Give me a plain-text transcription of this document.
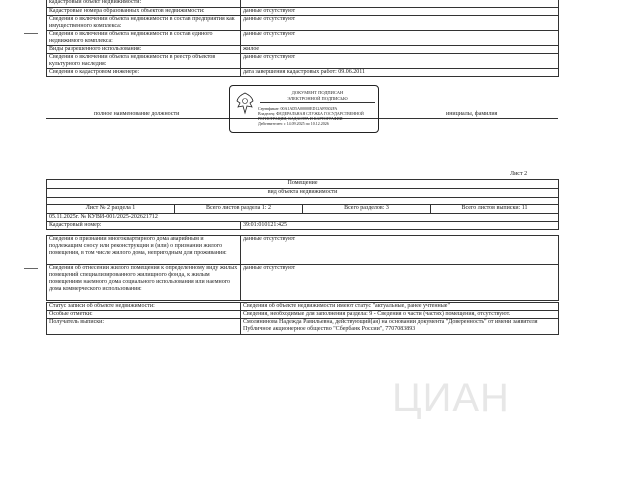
кадастровый объект недвижимости:	
Кадастровые номера образованных объектов недвижимости:	данные отсутствуют
Сведения о включении объекта недвижимости в состав предприятия как имущественного комплекса:	данные отсутствуют
Сведения о включении объекта недвижимости в состав единого недвижимого комплекса:	данные отсутствуют
Виды разрешенного использования:	жилое
Сведения о включении объекта недвижимости в реестр объектов культурного наследия:	данные отсутствуют
Сведения о кадастровом инженере:	дата завершения кадастровых работ: 09.06.2011
полное наименование должности	инициалы, фамилия
ДОКУМЕНТ ПОДПИСАН
ЭЛЕКТРОННОЙ ПОДПИСЬЮ
Сертификат: 00A1AD5A00000ED12AF8302FA
Владелец: ФЕДЕРАЛЬНАЯ СЛУЖБА ГОСУДАРСТВЕННОЙ
РЕГИСТРАЦИИ, КАДАСТРА И КАРТОГРАФИИ
Действителен: с 14.09.2025 по 10.12.2026
Лист 2
Помещение
вид объекта недвижимости

Лист № 2 раздела 1	Всего листов раздела 1: 2	Всего разделов: 3	Всего листов выписки: 11
05.11.2025г. № КУВИ-001/2025-202621712
Кадастровый номер:	39:01:010121:425
Сведения о признании многоквартирного дома аварийным и подлежащим сносу или реконструкции и (или) о признании жилого помещения, в том числе жилого дома, непригодным для проживания:	данные отсутствуют
Сведения об отнесении жилого помещения к определенному виду жилых помещений специализированного жилищного фонда, к жилым помещениям наемного дома социального использования или наемного дома коммерческого использования:	данные отсутствуют
Статус записи об объекте недвижимости:	Сведения об объекте недвижимости имеют статус "актуальные, ранее учтенные"
Особые отметки:	Сведения, необходимые для заполнения раздела: 9 - Сведения о части (частях) помещения, отсутствуют.
Получатель выписки:	Смолянинова Надежда Равильевна, действующий(ая) на основании документа "Доверенность" от имени заявителя Публичное акционерное общество "Сбербанк России", 7707083893
ЦИАН
